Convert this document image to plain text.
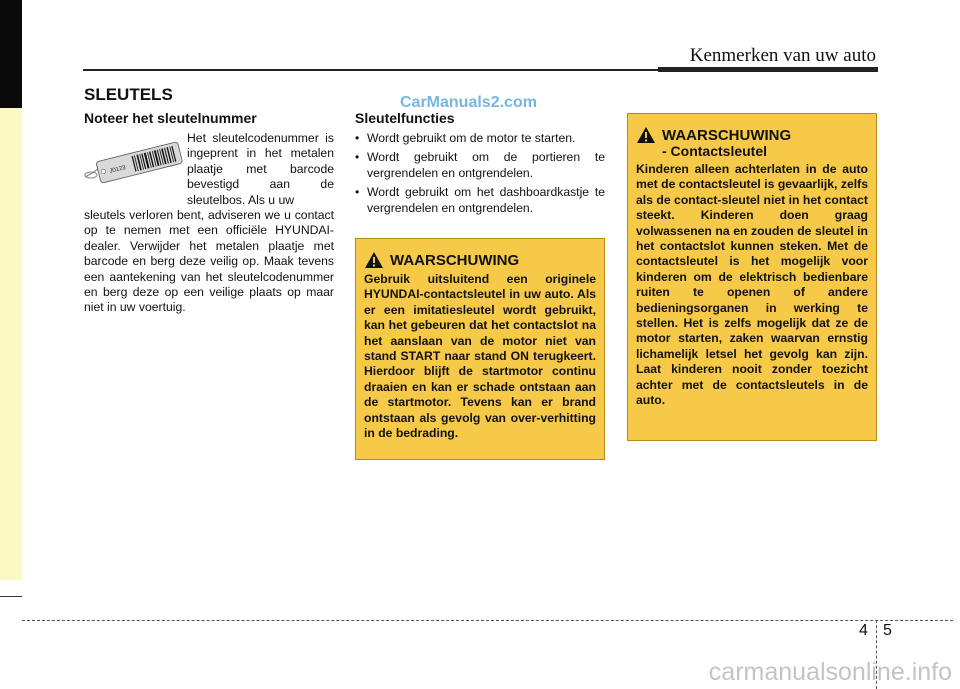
Kenmerken van uw auto
SLEUTELS	CarManuals2.com
Noteer het sleutelnummer
J0123
Het sleutelcodenummer is ingeprent in het metalen plaatje met barcode bevestigd aan de sleutelbos. Als u uw
sleutels verloren bent, adviseren we u contact op te nemen met een officiële HYUNDAI-dealer. Verwijder het metalen plaatje met barcode en berg deze veilig op. Maak tevens een aantekening van het sleutelcodenummer en berg deze op een veilige plaats op maar niet in uw voertuig.
Sleutelfuncties
• Wordt gebruikt om de motor te starten.
• Wordt gebruikt om de portieren te vergrendelen en ontgrendelen.
• Wordt gebruikt om het dashboardkastje te vergrendelen en ontgrendelen.
WAARSCHUWING
Gebruik uitsluitend een originele HYUNDAI-contactsleutel in uw auto. Als er een imitatiesleutel wordt gebruikt, kan het gebeuren dat het contactslot na het aanslaan van de motor niet van stand START naar stand ON terugkeert. Hierdoor blijft de startmotor continu draaien en kan er schade ontstaan aan de startmotor. Tevens kan er brand ontstaan als gevolg van over-verhitting in de bedrading.
WAARSCHUWING
- Contactsleutel
Kinderen alleen achterlaten in de auto met de contactsleutel is gevaarlijk, zelfs als de contact-sleutel niet in het contact steekt. Kinderen doen graag volwassenen na en zouden de sleutel in het contactslot kunnen steken. Met de contactsleutel is het mogelijk voor kinderen om de elektrisch bedienbare ruiten te openen of andere bedieningsorganen in werking te stellen. Het is zelfs mogelijk dat ze de motor starten, zaken waarvan ernstig lichamelijk letsel het gevolg kan zijn. Laat kinderen nooit zonder toezicht achter met de contactsleutels in de auto.
4 5
carmanualsonline.info
